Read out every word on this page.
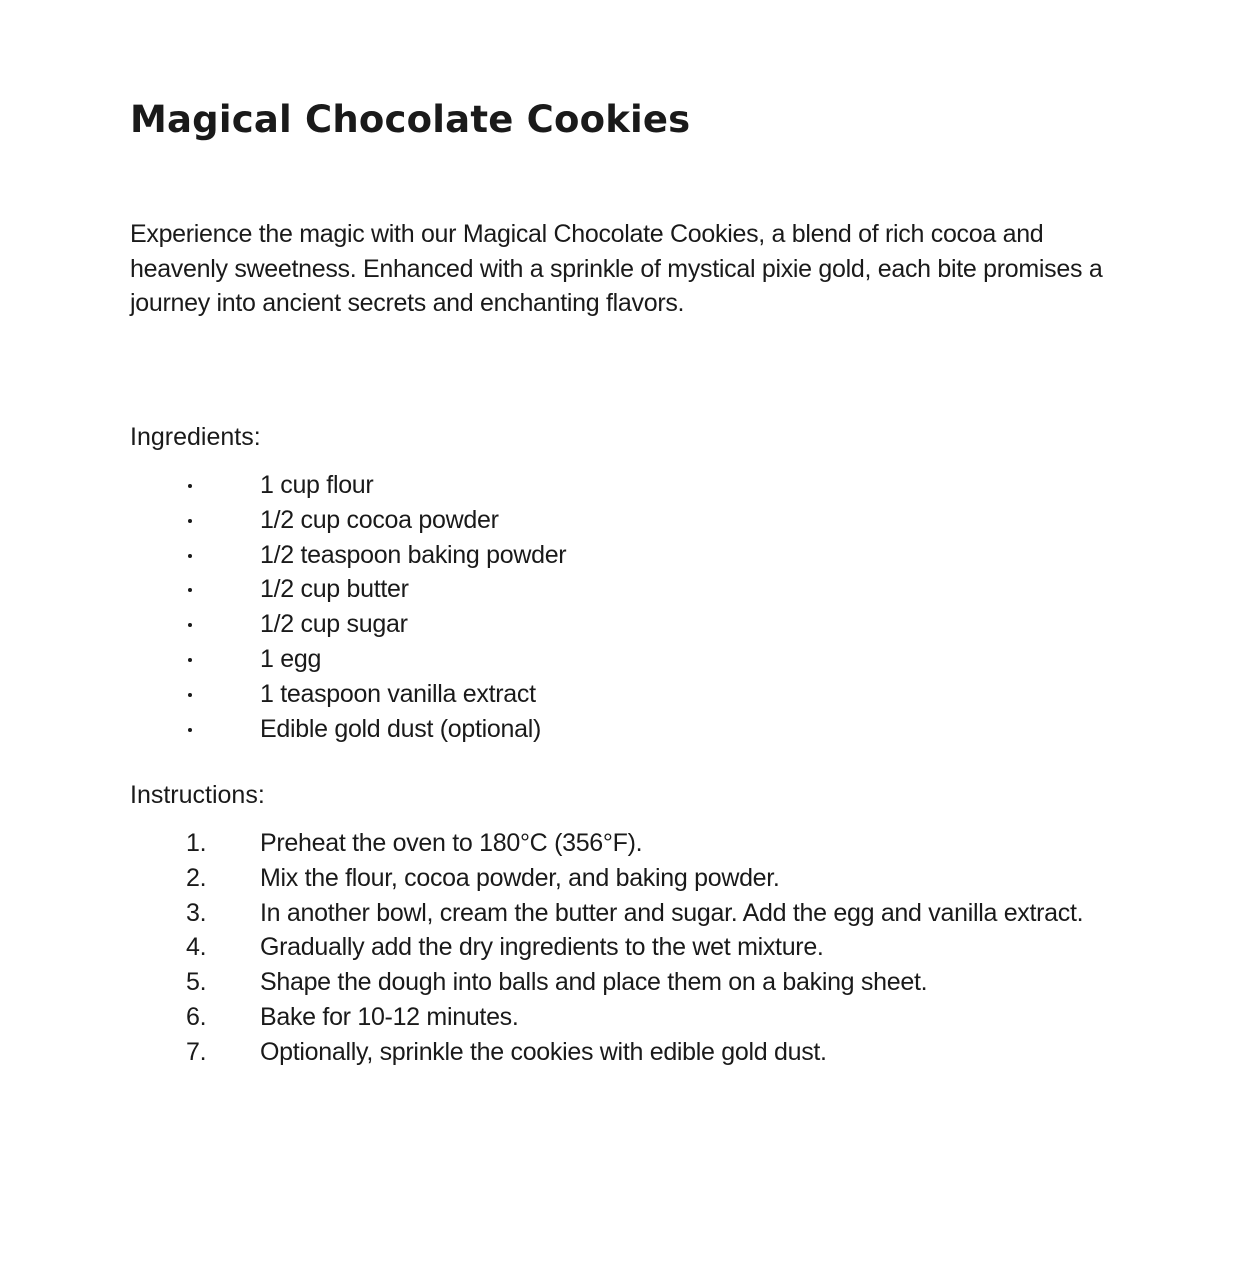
Magical Chocolate Cookies

Experience the magic with our Magical Chocolate Cookies, a blend of rich cocoa and heavenly sweetness. Enhanced with a sprinkle of mystical pixie gold, each bite promises a journey into ancient secrets and enchanting flavors.

Ingredients:
1 cup flour
1/2 cup cocoa powder
1/2 teaspoon baking powder
1/2 cup butter
1/2 cup sugar
1 egg
1 teaspoon vanilla extract
Edible gold dust (optional)
Instructions:
1. Preheat the oven to 180°C (356°F).
2. Mix the flour, cocoa powder, and baking powder.
3. In another bowl, cream the butter and sugar. Add the egg and vanilla extract.
4. Gradually add the dry ingredients to the wet mixture.
5. Shape the dough into balls and place them on a baking sheet.
6. Bake for 10-12 minutes.
7. Optionally, sprinkle the cookies with edible gold dust.
